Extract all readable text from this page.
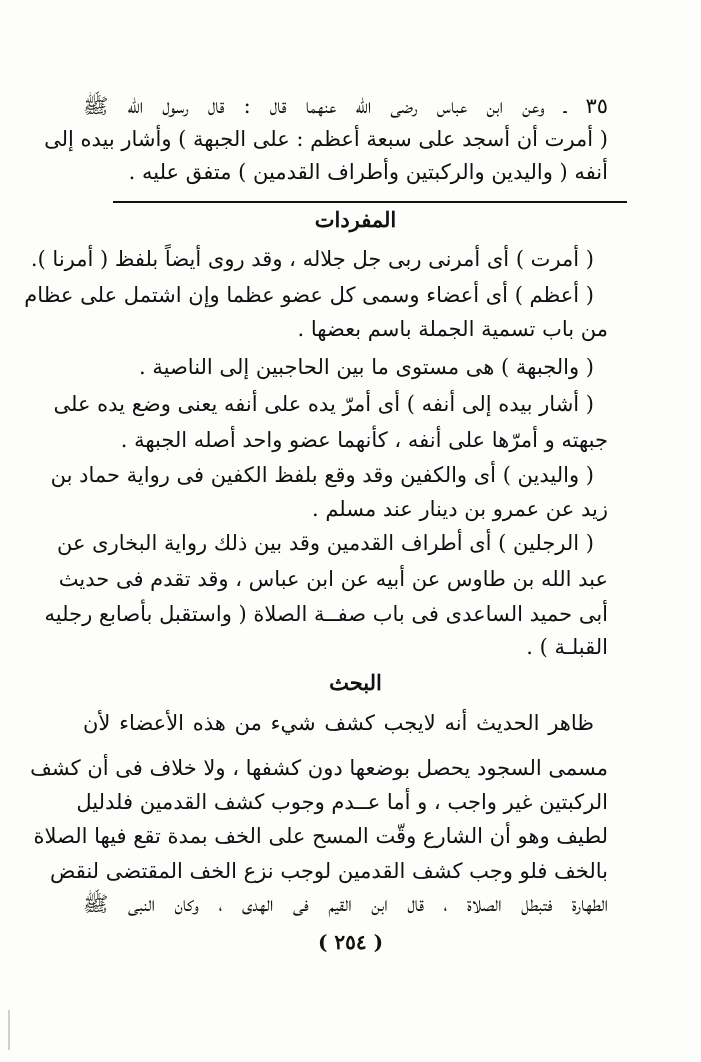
٣٥ ـ وعن ابن عباس رضى الله عنهما قال : قال رسول الله ﷺ
( أمرت أن أسجد على سبعة أعظم : على الجبهة ) وأشار بيده إلى
أنفه ( واليدين والركبتين وأطراف القدمين ) متفق عليه .
المفردات
( أمرت ) أى أمرنى ربى جل جلاله ، وقد روى أيضاً بلفظ ( أمرنا ).
( أعظم ) أى أعضاء وسمى كل عضو عظما وإن اشتمل على عظام
من باب تسمية الجملة باسم بعضها .
( والجبهة ) هى مستوى ما بين الحاجبين إلى الناصية .
( أشار بيده إلى أنفه ) أى أمرّ يده على أنفه يعنى وضع يده على
جبهته و أمرّها على أنفه ، كأنهما عضو واحد أصله الجبهة .
( واليدين ) أى والكفين وقد وقع بلفظ الكفين فى رواية حماد بن
زيد عن عمرو بن دينار عند مسلم .
( الرجلين ) أى أطراف القدمين وقد بين ذلك رواية البخارى عن
عبد الله بن طاوس عن أبيه عن ابن عباس ، وقد تقدم فى حديث
أبى حميد الساعدى فى باب صفــة الصلاة ( واستقبل بأصابع رجليه
القبلـة ) .
البحث
ظاهر الحديث أنه لايجب كشف شيء من هذه الأعضاء لأن
مسمى السجود يحصل بوضعها دون كشفها ، ولا خلاف فى أن كشف
الركبتين غير واجب ، و أما عــدم وجوب كشف القدمين فلدليل
لطيف وهو أن الشارع وقّت المسح على الخف بمدة تقع فيها الصلاة
بالخف فلو وجب كشف القدمين لوجب نزع الخف المقتضى لنقض
الطهارة فتبطل الصلاة ، قال ابن القيم فى الهدى ، وكان النبى ﷺ
( ٢٥٤ )
